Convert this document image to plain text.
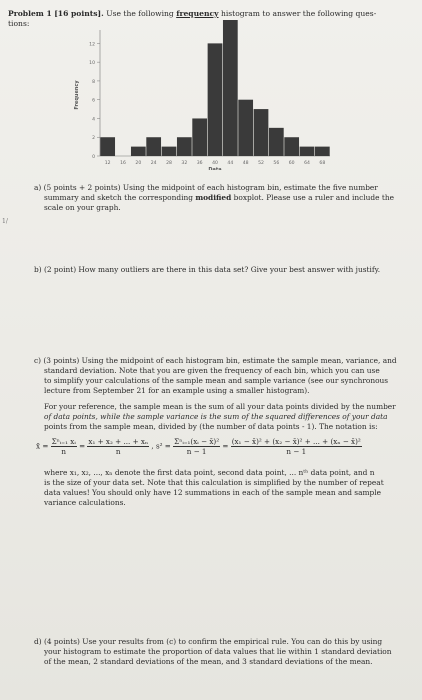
Problem 1 [16 points]. Use the following frequency histogram to answer the following ques-
tions:
12
10
8
6
4
2
0
12 16 20 24 28 32 36 40 44 48 52 56 60 64 68
Data
Frequency
a) (5 points + 2 points) Using the midpoint of each histogram bin, estimate the five number
summary and sketch the corresponding modified boxplot. Please use a ruler and include the
scale on your graph.
1/
b) (2 point) How many outliers are there in this data set? Give your best answer with justify.
c) (3 points) Using the midpoint of each histogram bin, estimate the sample mean, variance, and
standard deviation. Note that you are given the frequency of each bin, which you can use
to simplify your calculations of the sample mean and sample variance (see our synchronous
lecture from September 21 for an example using a smaller histogram).
For your reference, the sample mean is the sum of all your data points divided by the number
of data points, while the sample variance is the sum of the squared differences of your data
points from the sample mean, divided by (the number of data points - 1). The notation is:
x̄ = $\frac{\text{Σⁿᵢ₌₁ xᵢ}}{n} = \frac{\text{x₁ + x₂ + ... + xₙ}}{n}$ , $s^2 = \frac{\text{Σⁿᵢ₌₁(xᵢ − x̄)²}}{n - 1} = \frac{\text{(x₁ − x̄)² + (x₂ − x̄)² + ... + (xₙ − x̄)²}}{n - 1}$
where x₁, x₂, ..., xₙ denote the first data point, second data point, ... nᵗʰ data point, and n
is the size of your data set. Note that this calculation is simplified by the number of repeat
data values! You should only have 12 summations in each of the sample mean and sample
variance calculations.
d) (4 points) Use your results from (c) to confirm the empirical rule. You can do this by using
your histogram to estimate the proportion of data values that lie within 1 standard deviation
of the mean, 2 standard deviations of the mean, and 3 standard deviations of the mean.
